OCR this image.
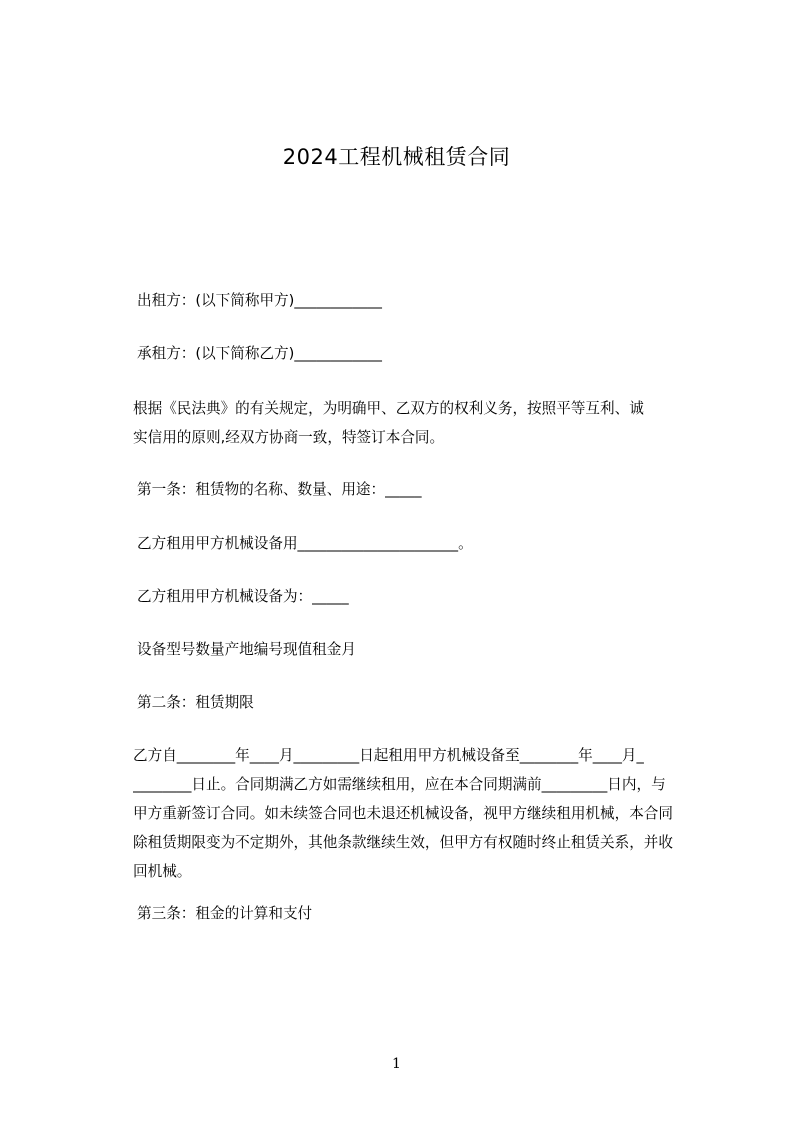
2024工程机械租赁合同
出租方：(以下简称甲方)____________
承租方：(以下简称乙方)____________
根据《民法典》的有关规定，为明确甲、乙双方的权利义务，按照平等互利、诚
实信用的原则,经双方协商一致，特签订本合同。
第一条：租赁物的名称、数量、用途：_____
乙方租用甲方机械设备用______________________。
乙方租用甲方机械设备为：_____
设备型号数量产地编号现值租金月
第二条：租赁期限
乙方自________年____月_________日起租用甲方机械设备至________年____月_
________日止。合同期满乙方如需继续租用，应在本合同期满前_________日内，与
甲方重新签订合同。如未续签合同也未退还机械设备，视甲方继续租用机械，本合同
除租赁期限变为不定期外，其他条款继续生效，但甲方有权随时终止租赁关系，并收
回机械。
第三条：租金的计算和支付
1
